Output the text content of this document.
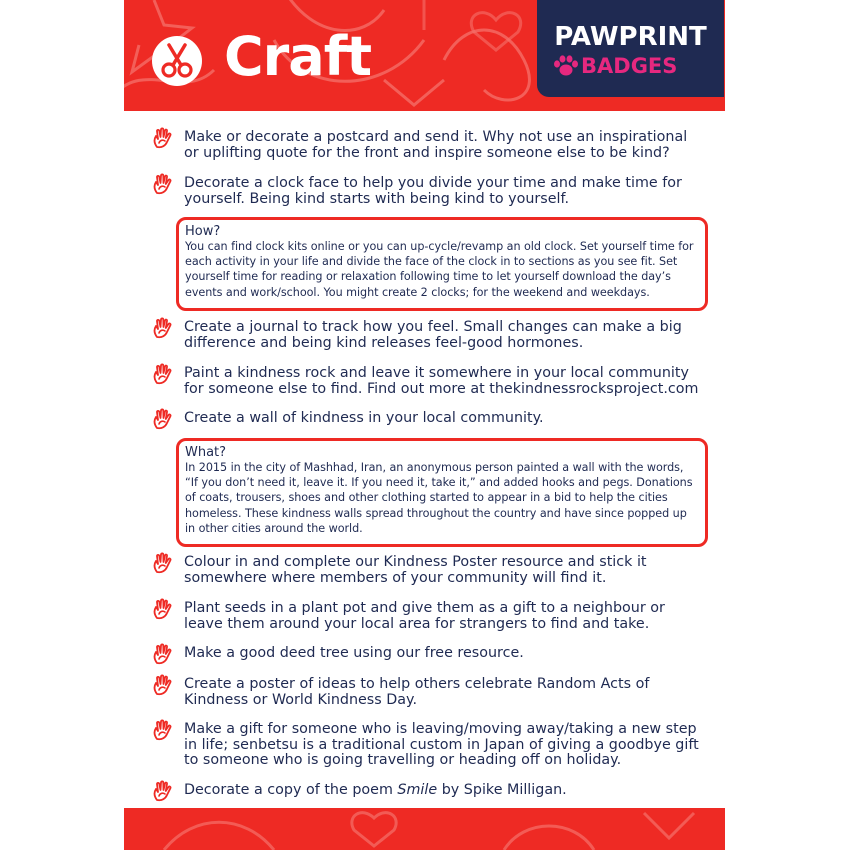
Craft	PAWPRINT
BADGES
Make or decorate a postcard and send it. Why not use an inspirational or uplifting quote for the front and inspire someone else to be kind?
Decorate a clock face to help you divide your time and make time for yourself. Being kind starts with being kind to yourself.
How?
You can find clock kits online or you can up-cycle/revamp an old clock. Set yourself time for each activity in your life and divide the face of the clock in to sections as you see fit. Set yourself time for reading or relaxation following time to let yourself download the day’s events and work/school. You might create 2 clocks; for the weekend and weekdays.
Create a journal to track how you feel. Small changes can make a big difference and being kind releases feel-good hormones.
Paint a kindness rock and leave it somewhere in your local community for someone else to find. Find out more at thekindnessrocksproject.com
Create a wall of kindness in your local community.
What?
In 2015 in the city of Mashhad, Iran, an anonymous person painted a wall with the words, “If you don’t need it, leave it. If you need it, take it,” and added hooks and pegs. Donations of coats, trousers, shoes and other clothing started to appear in a bid to help the cities homeless. These kindness walls spread throughout the country and have since popped up in other cities around the world.
Colour in and complete our Kindness Poster resource and stick it somewhere where members of your community will find it.
Plant seeds in a plant pot and give them as a gift to a neighbour or leave them around your local area for strangers to find and take.
Make a good deed tree using our free resource.
Create a poster of ideas to help others celebrate Random Acts of Kindness or World Kindness Day.
Make a gift for someone who is leaving/moving away/taking a new step in life; senbetsu is a traditional custom in Japan of giving a goodbye gift to someone who is going travelling or heading off on holiday.
Decorate a copy of the poem Smile by Spike Milligan.
